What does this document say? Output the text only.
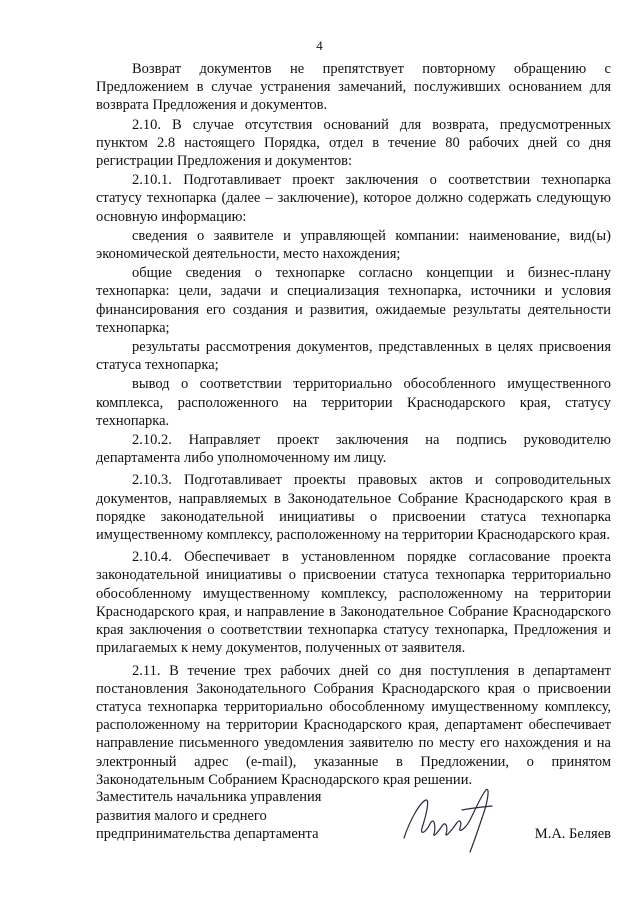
4

Возврат документов не препятствует повторному обращению с Предложением в случае устранения замечаний, послуживших основанием для возврата Предложения и документов.

2.10. В случае отсутствия оснований для возврата, предусмотренных пунктом 2.8 настоящего Порядка, отдел в течение 80 рабочих дней со дня регистрации Предложения и документов:

2.10.1. Подготавливает проект заключения о соответствии технопарка статусу технопарка (далее – заключение), которое должно содержать следующую основную информацию:

сведения о заявителе и управляющей компании: наименование, вид(ы) экономической деятельности, место нахождения;

общие сведения о технопарке согласно концепции и бизнес-плану технопарка: цели, задачи и специализация технопарка, источники и условия финансирования его создания и развития, ожидаемые результаты деятельности технопарка;

результаты рассмотрения документов, представленных в целях присвоения статуса технопарка;

вывод о соответствии территориально обособленного имущественного комплекса, расположенного на территории Краснодарского края, статусу технопарка.

2.10.2. Направляет проект заключения на подпись руководителю департамента либо уполномоченному им лицу.

2.10.3. Подготавливает проекты правовых актов и сопроводительных документов, направляемых в Законодательное Собрание Краснодарского края в порядке законодательной инициативы о присвоении статуса технопарка имущественному комплексу, расположенному на территории Краснодарского края.

2.10.4. Обеспечивает в установленном порядке согласование проекта законодательной инициативы о присвоении статуса технопарка территориально обособленному имущественному комплексу, расположенному на территории Краснодарского края, и направление в Законодательное Собрание Краснодарского края заключения о соответствии технопарка статусу технопарка, Предложения и прилагаемых к нему документов, полученных от заявителя.

2.11. В течение трех рабочих дней со дня поступления в департамент постановления Законодательного Собрания Краснодарского края о присвоении статуса технопарка территориально обособленному имущественному комплексу, расположенному на территории Краснодарского края, департамент обеспечивает направление письменного уведомления заявителю по месту его нахождения и на электронный адрес (e-mail), указанные в Предложении, о принятом Законодательным Собранием Краснодарского края решении.

Заместитель начальника управления
развития малого и среднего
предпринимательства департамента	М.А. Беляев
